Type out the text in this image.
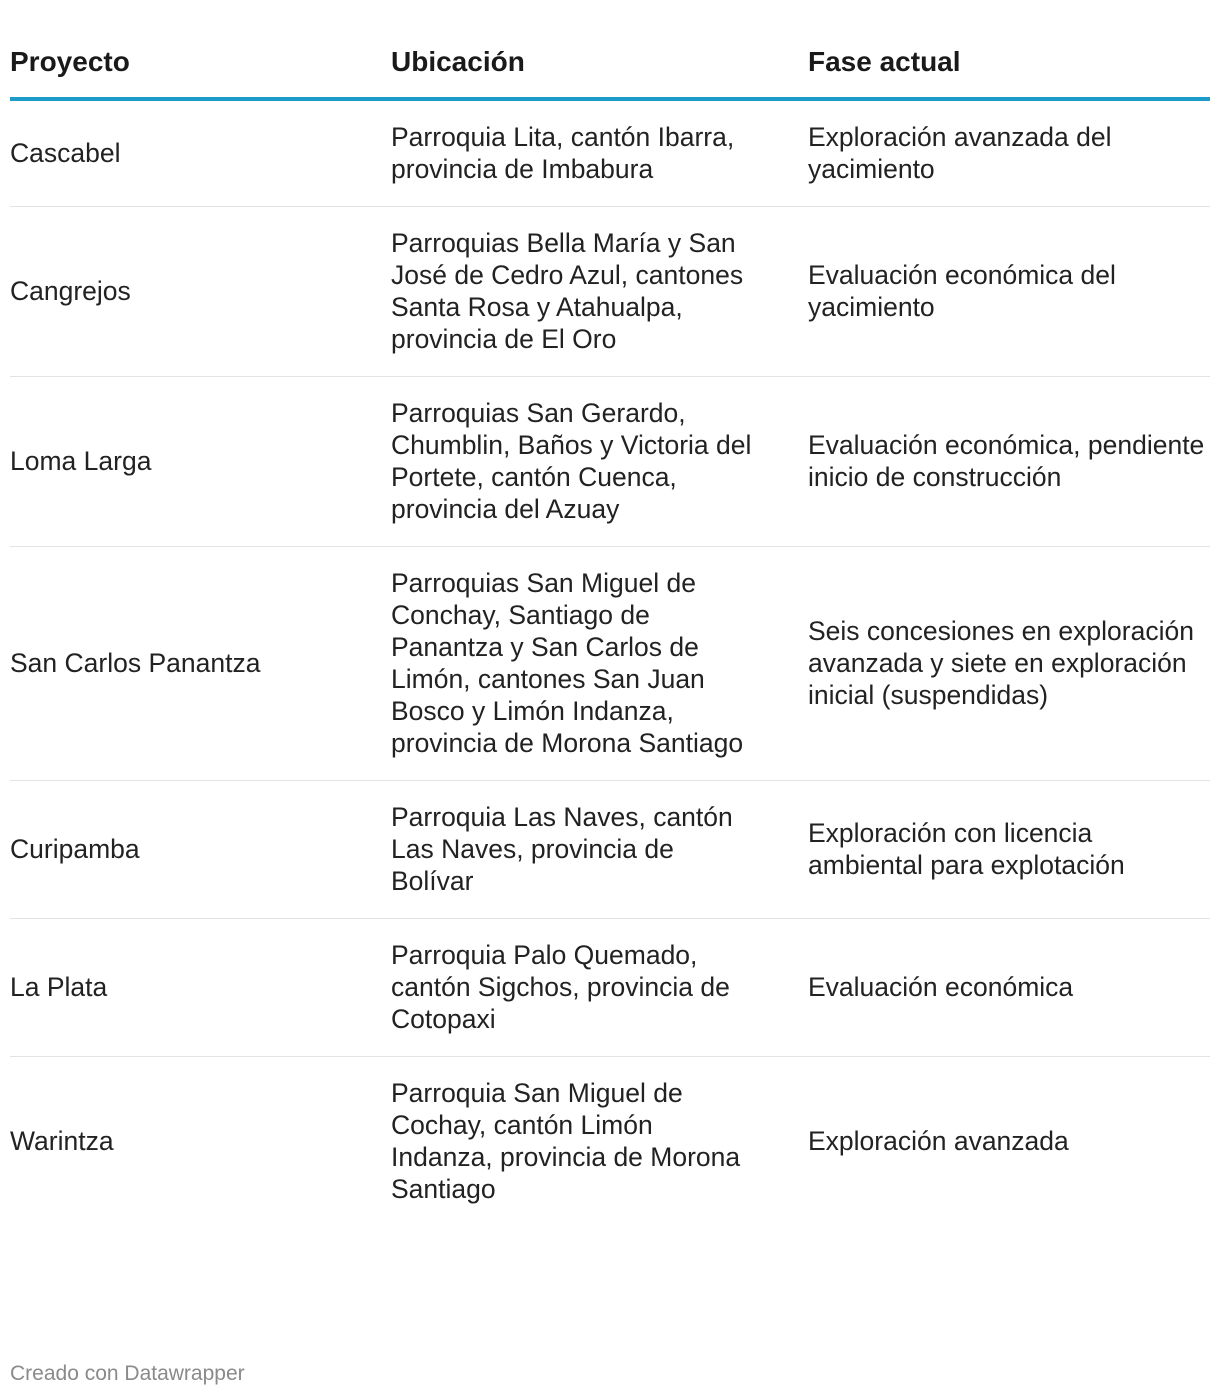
Proyecto	Ubicación	Fase actual
Cascabel	Parroquia Lita, cantón Ibarra, provincia de Imbabura	Exploración avanzada del yacimiento
Cangrejos	Parroquias Bella María y San José de Cedro Azul, cantones Santa Rosa y Atahualpa, provincia de El Oro	Evaluación económica del yacimiento
Loma Larga	Parroquias San Gerardo, Chumblin, Baños y Victoria del Portete, cantón Cuenca, provincia del Azuay	Evaluación económica, pendiente inicio de construcción
San Carlos Panantza	Parroquias San Miguel de Conchay, Santiago de Panantza y San Carlos de Limón, cantones San Juan Bosco y Limón Indanza, provincia de Morona Santiago	Seis concesiones en exploración avanzada y siete en exploración inicial (suspendidas)
Curipamba	Parroquia Las Naves, cantón Las Naves, provincia de Bolívar	Exploración con licencia ambiental para explotación
La Plata	Parroquia Palo Quemado, cantón Sigchos, provincia de Cotopaxi	Evaluación económica
Warintza	Parroquia San Miguel de Cochay, cantón Limón Indanza, provincia de Morona Santiago	Exploración avanzada
Creado con Datawrapper
